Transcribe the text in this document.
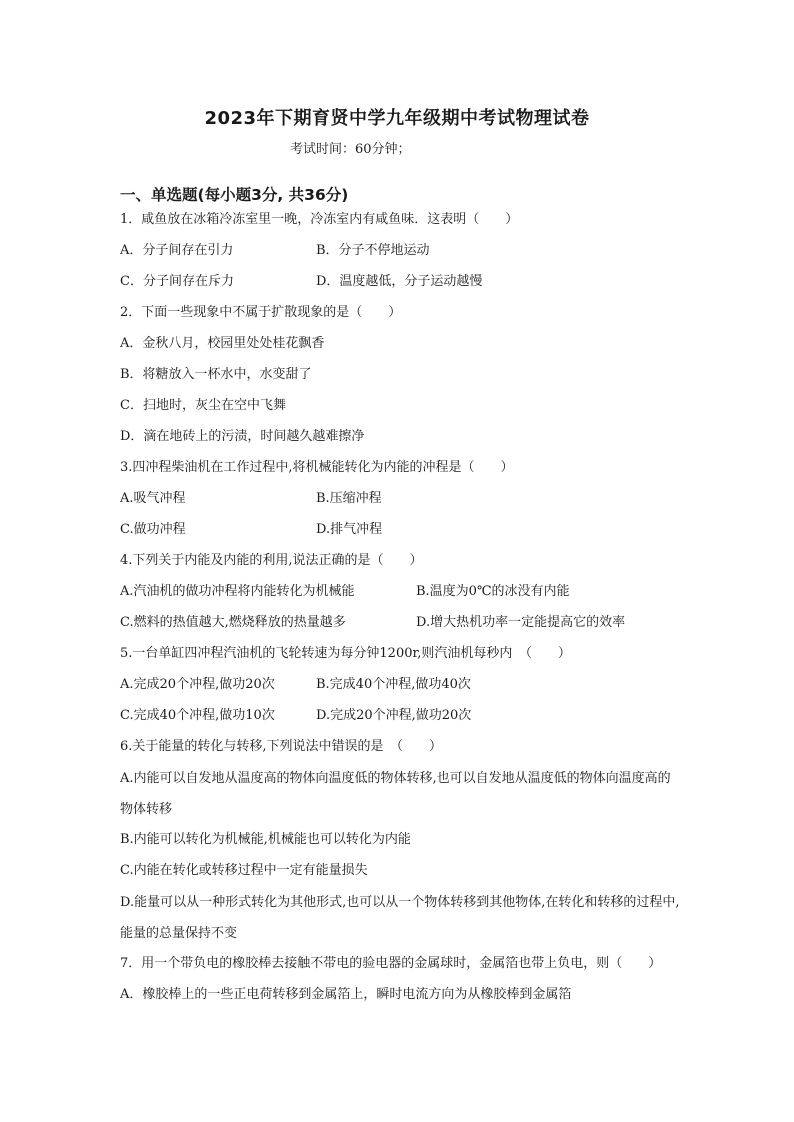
2023年下期育贤中学九年级期中考试物理试卷
考试时间：60分钟；
一、单选题(每小题3分, 共36分)
1．咸鱼放在冰箱冷冻室里一晚，冷冻室内有咸鱼味．这表明（　　）
A．分子间存在引力	B．分子不停地运动
C．分子间存在斥力	D．温度越低，分子运动越慢
2．下面一些现象中不属于扩散现象的是（　　）
A．金秋八月，校园里处处桂花飘香
B．将糖放入一杯水中，水变甜了
C．扫地时，灰尘在空中飞舞
D．滴在地砖上的污渍，时间越久越难擦净
3.四冲程柴油机在工作过程中,将机械能转化为内能的冲程是（　　）
A.吸气冲程	B.压缩冲程
C.做功冲程	D.排气冲程
4.下列关于内能及内能的利用,说法正确的是（　　）
A.汽油机的做功冲程将内能转化为机械能	B.温度为0℃的冰没有内能
C.燃料的热值越大,燃烧释放的热量越多	D.增大热机功率一定能提高它的效率
5.一台单缸四冲程汽油机的飞轮转速为每分钟1200r,则汽油机每秒内　（　　）
A.完成20个冲程,做功20次	B.完成40个冲程,做功40次
C.完成40个冲程,做功10次	D.完成20个冲程,做功20次
6.关于能量的转化与转移,下列说法中错误的是　（　　）
A.内能可以自发地从温度高的物体向温度低的物体转移,也可以自发地从温度低的物体向温度高的物体转移
B.内能可以转化为机械能,机械能也可以转化为内能
C.内能在转化或转移过程中一定有能量损失
D.能量可以从一种形式转化为其他形式,也可以从一个物体转移到其他物体,在转化和转移的过程中,能量的总量保持不变
7．用一个带负电的橡胶棒去接触不带电的验电器的金属球时，金属箔也带上负电，则（　　）
A．橡胶棒上的一些正电荷转移到金属箔上，瞬时电流方向为从橡胶棒到金属箔
